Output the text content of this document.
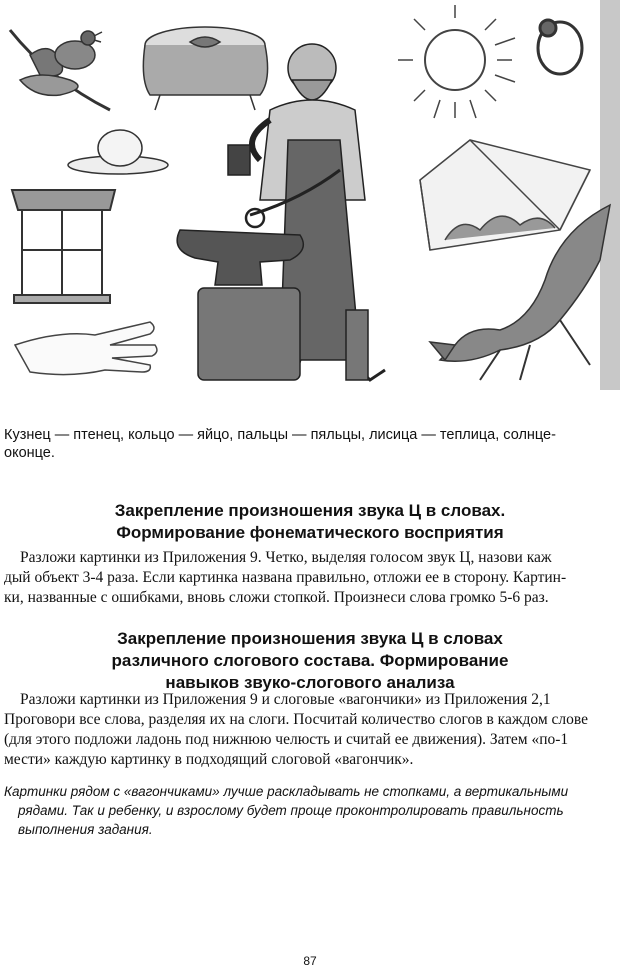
Кузнец — птенец, кольцо — яйцо, пальцы — пяльцы, лисица — теплица, солнце-
оконце.
Закрепление произношения звука Ц в словах.
Формирование фонематического восприятия

Разложи картинки из Приложения 9. Четко, выделяя голосом звук Ц, назови каж

дый объект 3-4 раза. Если картинка названа правильно, отложи ее в сторону. Картин-

ки, названные с ошибками, вновь сложи стопкой. Произнеси слова громко 5-6 раз.

Закрепление произношения звука Ц в словах
различного слогового состава. Формирование
навыков звуко-слогового анализа

Разложи картинки из Приложения 9 и слоговые «вагончики» из Приложения 2,1

Проговори все слова, разделяя их на слоги. Посчитай количество слогов в каждом слове

(для этого подложи ладонь под нижнюю челюсть и считай ее движения). Затем «по-1

мести» каждую картинку в подходящий слоговой «вагончик».

Картинки рядом с «вагончиками» лучше раскладывать не стопками, а вертикальными
рядами. Так и ребенку, и взрослому будет проще проконтролировать правильность
выполнения задания.
87
